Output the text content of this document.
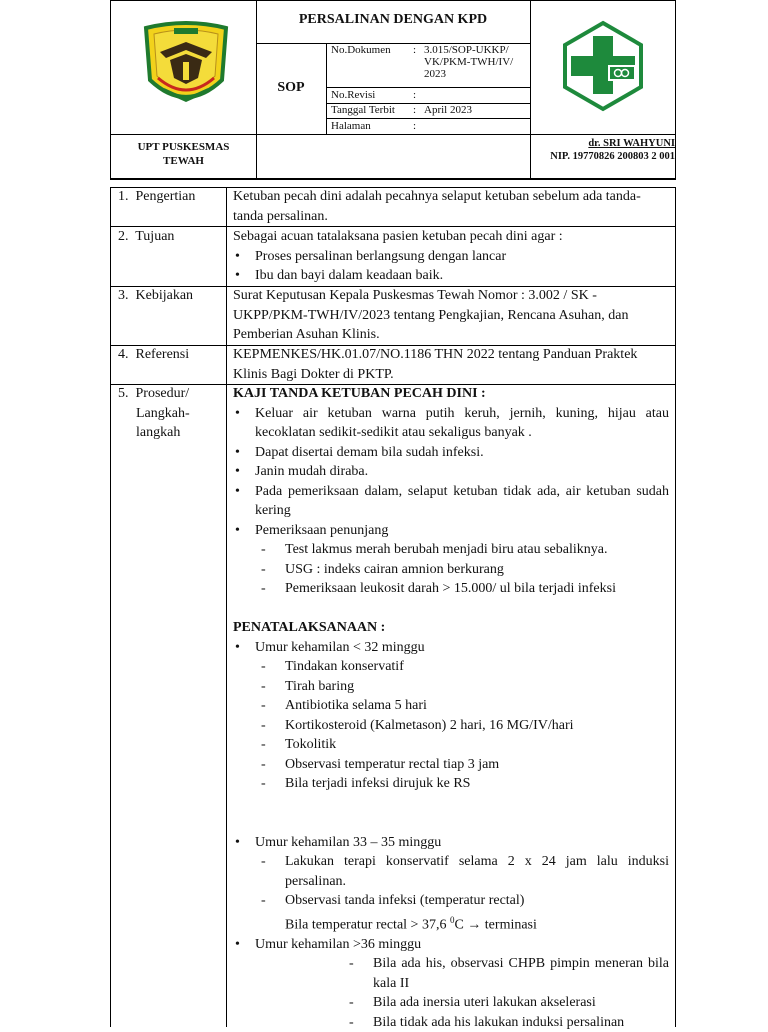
PERSALINAN DENGAN KPD
SOP
No.Dokumen	: 3.015/SOP-UKKP/ VK/PKM-TWH/IV/ 2023
No.Revisi	:
Tanggal Terbit : April 2023
Halaman	:
UPT PUSKESMAS
TEWAH
dr. SRI WAHYUNI
NIP. 19770826 200803 2 001
1. Pengertian	Ketuban pecah dini adalah pecahnya selaput ketuban sebelum ada tanda-tanda persalinan.
2. Tujuan	Sebagai acuan tatalaksana pasien ketuban pecah dini agar :
• Proses persalinan berlangsung dengan lancar
• Ibu dan bayi dalam keadaan baik.
3. Kebijakan	Surat Keputusan Kepala Puskesmas Tewah Nomor : 3.002 / SK - UKPP/PKM-TWH/IV/2023 tentang Pengkajian, Rencana Asuhan, dan Pemberian Asuhan Klinis.
4. Referensi	KEPMENKES/HK.01.07/NO.1186 THN 2022 tentang Panduan Praktek Klinis Bagi Dokter di PKTP.
5. Prosedur/
Langkah-
langkah
KAJI TANDA KETUBAN PECAH DINI :
• Keluar air ketuban warna putih keruh, jernih, kuning, hijau atau kecoklatan sedikit-sedikit atau sekaligus banyak .
• Dapat disertai demam bila sudah infeksi.
• Janin mudah diraba.
• Pada pemeriksaan dalam, selaput ketuban tidak ada, air ketuban sudah kering
• Pemeriksaan penunjang
- Test lakmus merah berubah menjadi biru atau sebaliknya.
- USG : indeks cairan amnion berkurang
- Pemeriksaan leukosit darah > 15.000/ ul bila terjadi infeksi
PENATALAKSANAAN :
• Umur kehamilan < 32 minggu
- Tindakan konservatif
- Tirah baring
- Antibiotika selama 5 hari
- Kortikosteroid (Kalmetason) 2 hari, 16 MG/IV/hari
- Tokolitik
- Observasi temperatur rectal tiap 3 jam
- Bila terjadi infeksi dirujuk ke RS
• Umur kehamilan 33 – 35 minggu
- Lakukan terapi konservatif selama 2 x 24 jam lalu induksi persalinan.
- Observasi tanda infeksi (temperatur rectal)
Bila temperatur rectal > 37,6 $^0$C → terminasi
• Umur kehamilan >36 minggu
- Bila ada his, observasi CHPB pimpin meneran bila kala II
- Bila ada inersia uteri lakukan akselerasi
- Bila tidak ada his lakukan induksi persalinan
